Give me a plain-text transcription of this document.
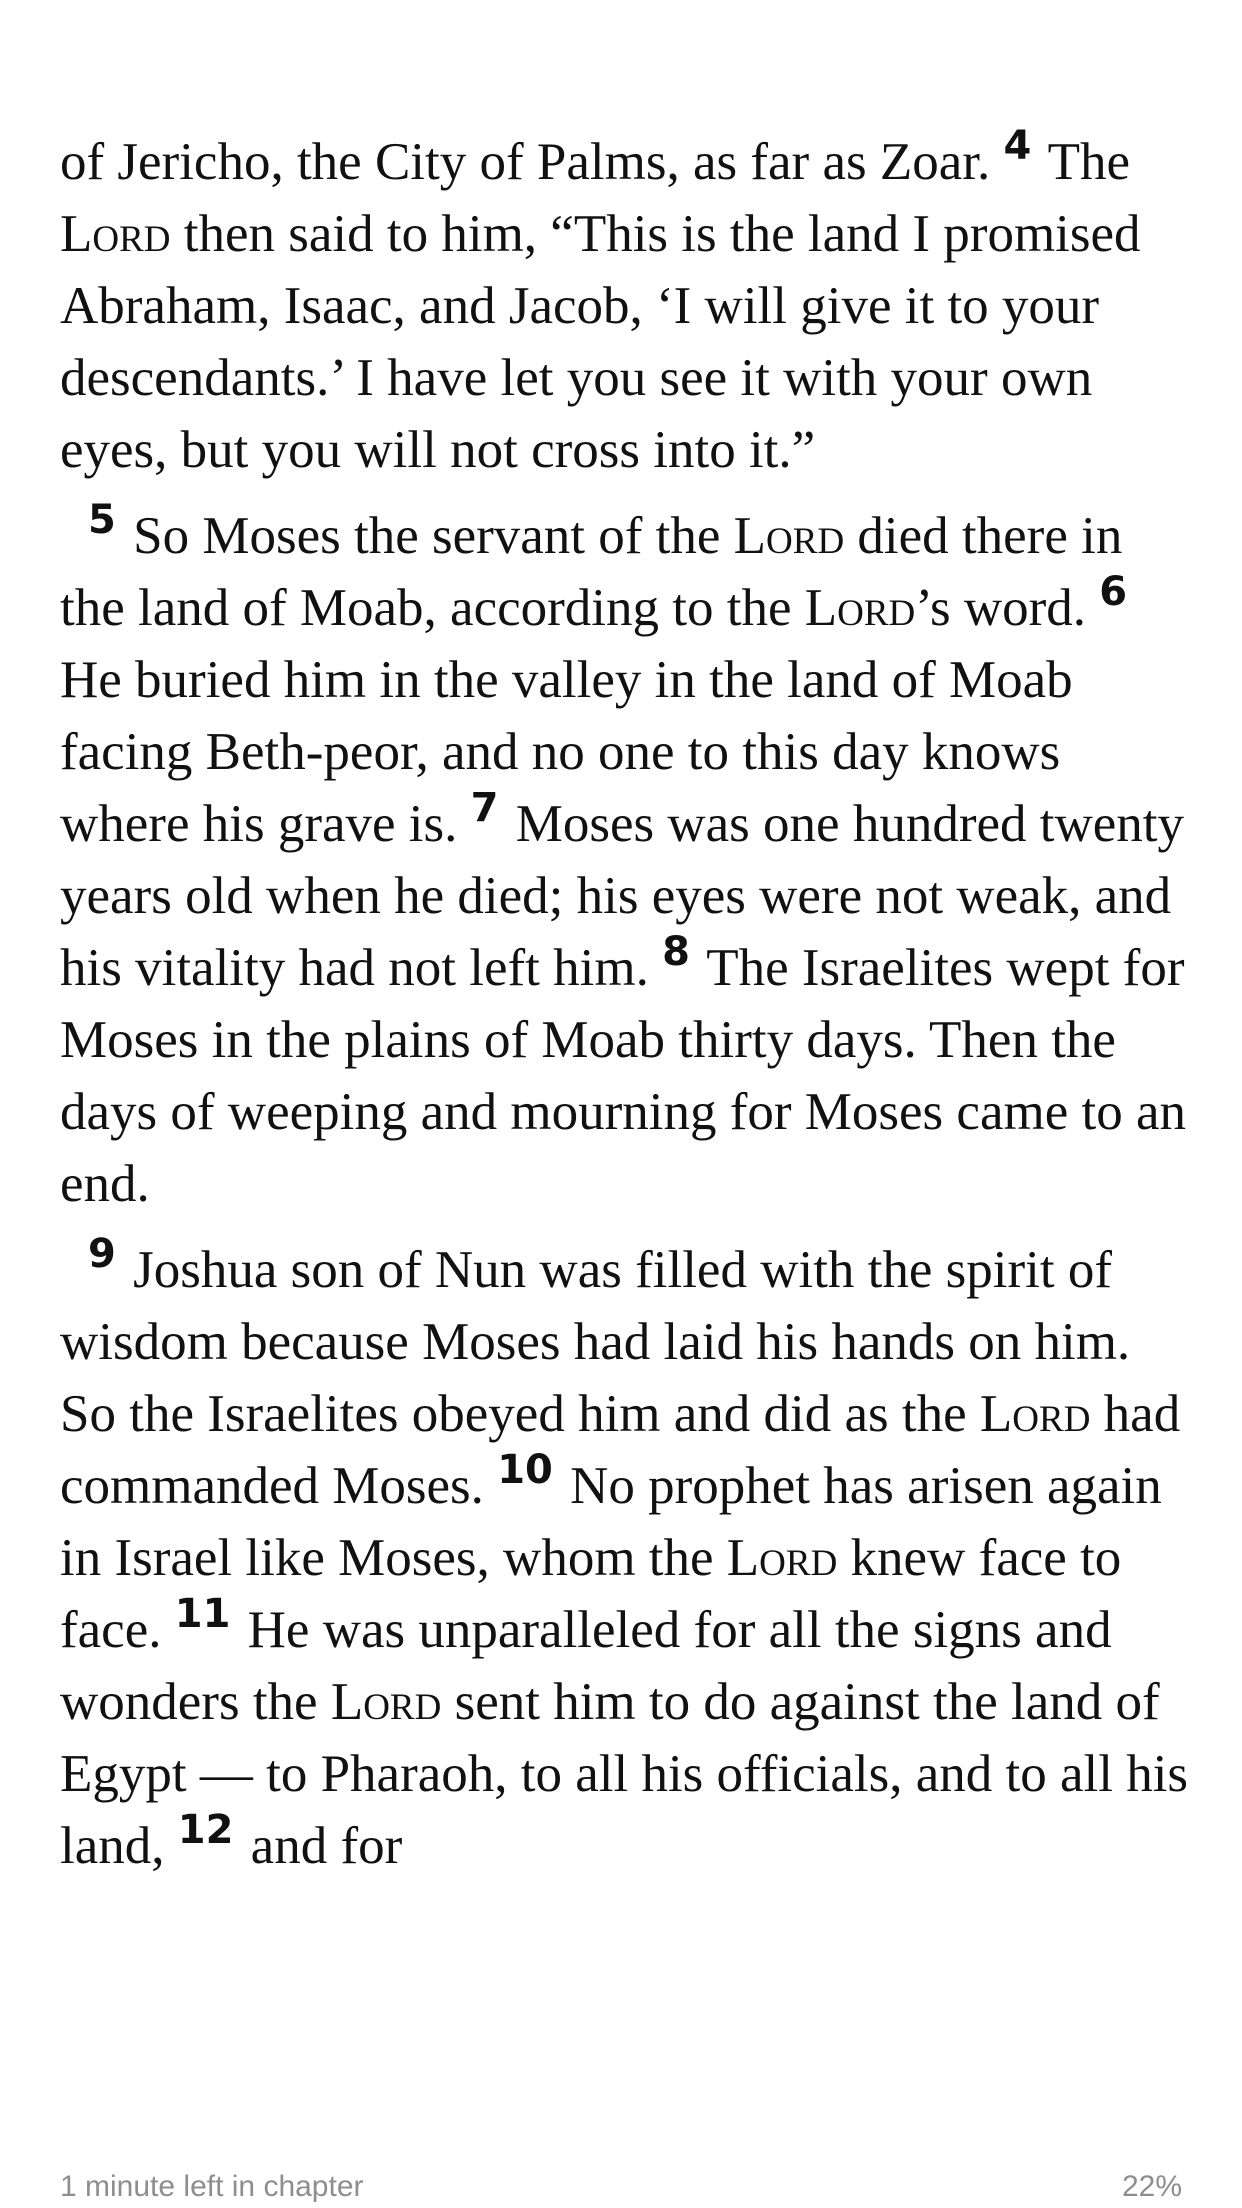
of Jericho, the City of Palms, as far as Zoar. $^4$ The Lord then said to him, “This is the land I promised Abraham, Isaac, and Jacob, ‘I will give it to your descendants.’ I have let you see it with your own eyes, but you will not cross into it.”

$^5$ So Moses the servant of the Lord died there in the land of Moab, according to the Lord’s word. $^6$ He buried him in the valley in the land of Moab facing Beth-peor, and no one to this day knows where his grave is. $^7$ Moses was one hundred twenty years old when he died; his eyes were not weak, and his vitality had not left him. $^8$ The Israelites wept for Moses in the plains of Moab thirty days. Then the days of weeping and mourning for Moses came to an end.

$^9$ Joshua son of Nun was filled with the spirit of wisdom because Moses had laid his hands on him. So the Israelites obeyed him and did as the Lord had commanded Moses. $^{10}$ No prophet has arisen again in Israel like Moses, whom the Lord knew face to face. $^{11}$ He was unparalleled for all the signs and wonders the Lord sent him to do against the land of Egypt — to Pharaoh, to all his officials, and to all his land, $^{12}$ and for

1 minute left in chapter	22%
